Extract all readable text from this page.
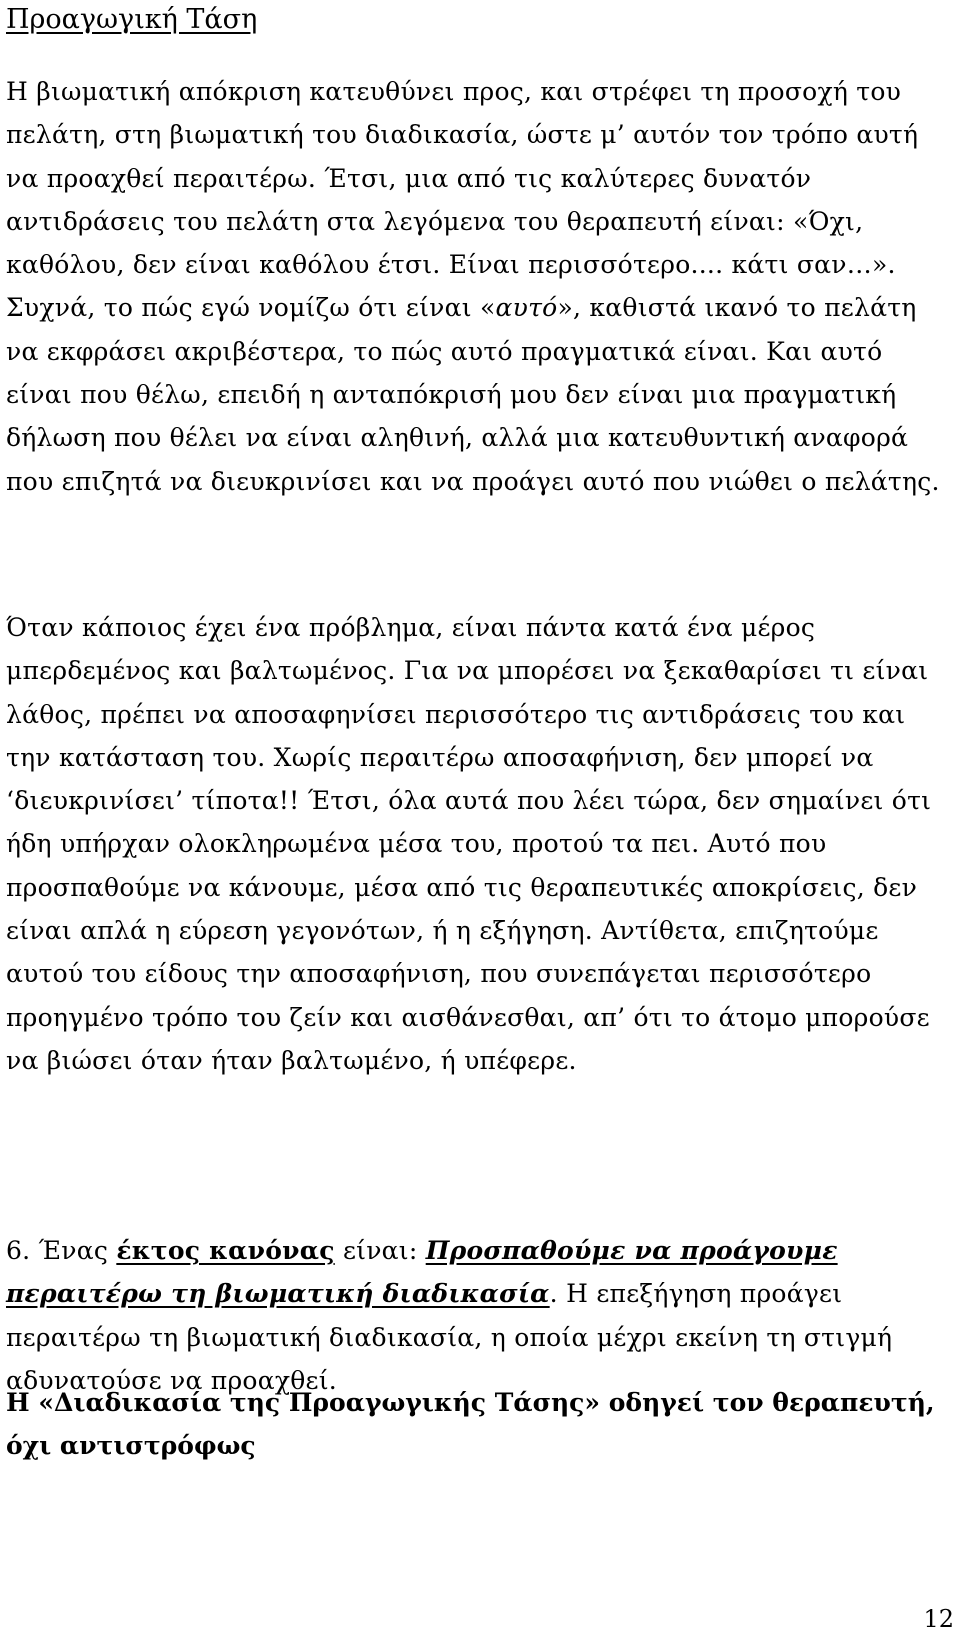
Προαγωγική Τάση

Η βιωματική απόκριση κατευθύνει προς, και στρέφει τη προσοχή του πελάτη, στη βιωματική του διαδικασία, ώστε μ’ αυτόν τον τρόπο αυτή να προαχθεί περαιτέρω. Έτσι, μια από τις καλύτερες δυνατόν αντιδράσεις του πελάτη στα λεγόμενα του θεραπευτή είναι: «Όχι, καθόλου, δεν είναι καθόλου έτσι. Είναι περισσότερο.... κάτι σαν…». Συχνά, το πώς εγώ νομίζω ότι είναι «αυτό», καθιστά ικανό το πελάτη να εκφράσει ακριβέστερα, το πώς αυτό πραγματικά είναι. Και αυτό είναι που θέλω, επειδή η ανταπόκρισή μου δεν είναι μια πραγματική δήλωση που θέλει να είναι αληθινή, αλλά μια κατευθυντική αναφορά που επιζητά να διευκρινίσει και να προάγει αυτό που νιώθει ο πελάτης.

Όταν κάποιος έχει ένα πρόβλημα, είναι πάντα κατά ένα μέρος μπερδεμένος και βαλτωμένος. Για να μπορέσει να ξεκαθαρίσει τι είναι λάθος, πρέπει να αποσαφηνίσει περισσότερο τις αντιδράσεις του και την κατάσταση του. Χωρίς περαιτέρω αποσαφήνιση, δεν μπορεί να ‘διευκρινίσει’ τίποτα!! Έτσι, όλα αυτά που λέει τώρα, δεν σημαίνει ότι ήδη υπήρχαν ολοκληρωμένα μέσα του, προτού τα πει. Αυτό που προσπαθούμε να κάνουμε, μέσα από τις θεραπευτικές αποκρίσεις, δεν είναι απλά η εύρεση γεγονότων, ή η εξήγηση. Αντίθετα, επιζητούμε αυτού του είδους την αποσαφήνιση, που συνεπάγεται περισσότερο προηγμένο τρόπο του ζείν και αισθάνεσθαι, απ’ ότι το άτομο μπορούσε να βιώσει όταν ήταν βαλτωμένο, ή υπέφερε.

6. Ένας έκτος κανόνας είναι: Προσπαθούμε να προάγουμε περαιτέρω τη βιωματική διαδικασία. Η επεξήγηση προάγει περαιτέρω τη βιωματική διαδικασία, η οποία μέχρι εκείνη τη στιγμή αδυνατούσε να προαχθεί.

Η «Διαδικασία της Προαγωγικής Τάσης» οδηγεί τον θεραπευτή, όχι αντιστρόφως

12
